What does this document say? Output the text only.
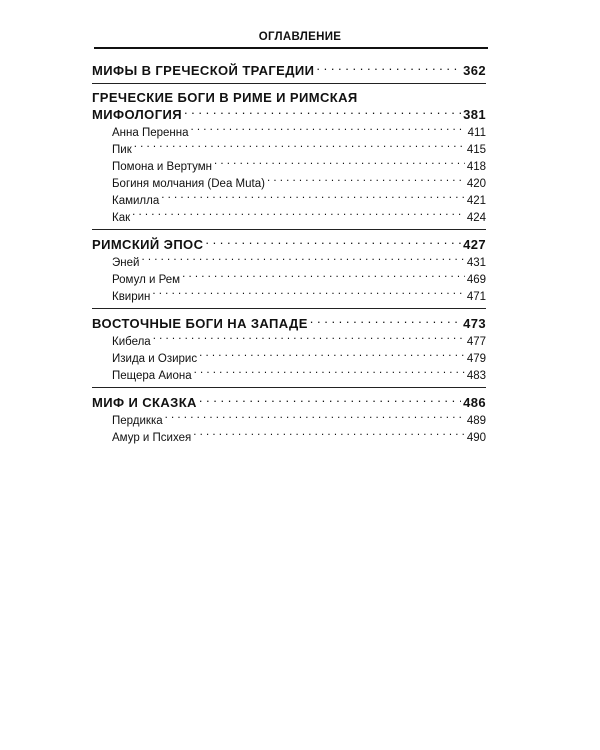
ОГЛАВЛЕНИЕ
МИФЫ В ГРЕЧЕСКОЙ ТРАГЕДИИ . . .	362
ГРЕЧЕСКИЕ БОГИ В РИМЕ И РИМСКАЯ
МИФОЛОГИЯ . . .	381
Анна Перенна . . .	411
Пик . . .	415
Помона и Вертумн . . .	418
Богиня молчания (Dea Muta) . . .	420
Камилла . . .	421
Как . . .	424
РИМСКИЙ ЭПОС . . .	427
Эней . . .	431
Ромул и Рем . . .	469
Квирин . . .	471
ВОСТОЧНЫЕ БОГИ НА ЗАПАДЕ . . .	473
Кибела . . .	477
Изида и Озирис . . .	479
Пещера Аиона . . .	483
МИФ И СКАЗКА . . .	486
Пердикка . . .	489
Амур и Психея . . .	490
